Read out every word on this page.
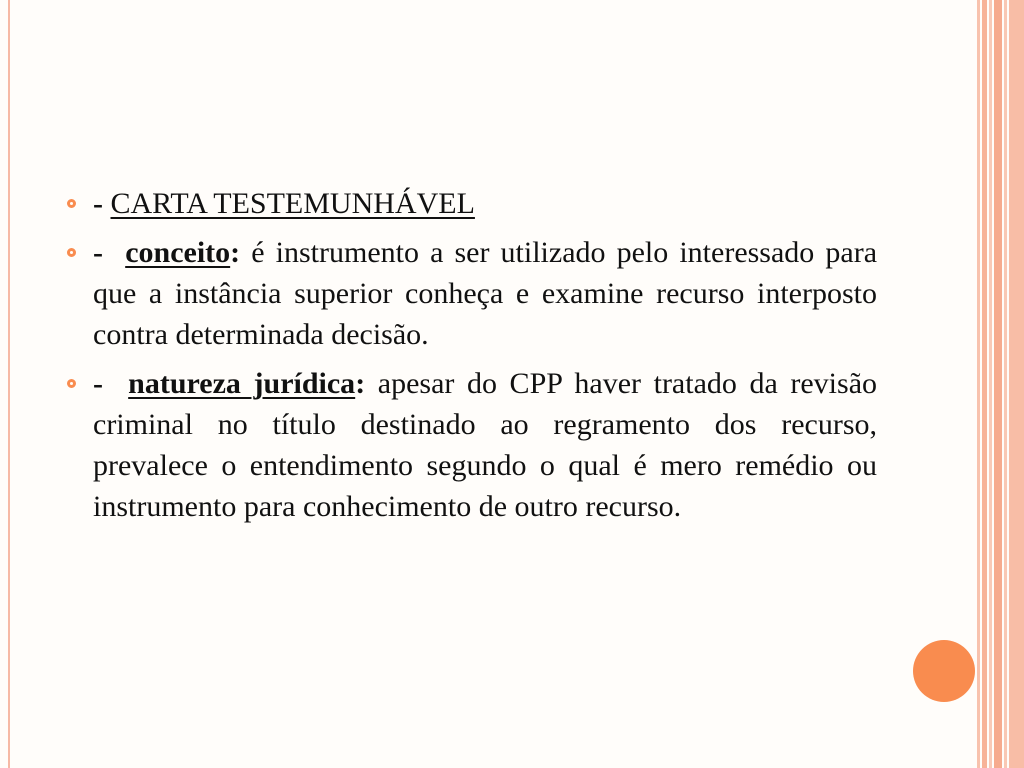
- CARTA TESTEMUNHÁVEL
- conceito: é instrumento a ser utilizado pelo interessado para que a instância superior conheça e examine recurso interposto contra determinada decisão.
- natureza jurídica: apesar do CPP haver tratado da revisão criminal no título destinado ao regramento dos recurso, prevalece o entendimento segundo o qual é mero remédio ou instrumento para conhecimento de outro recurso.
